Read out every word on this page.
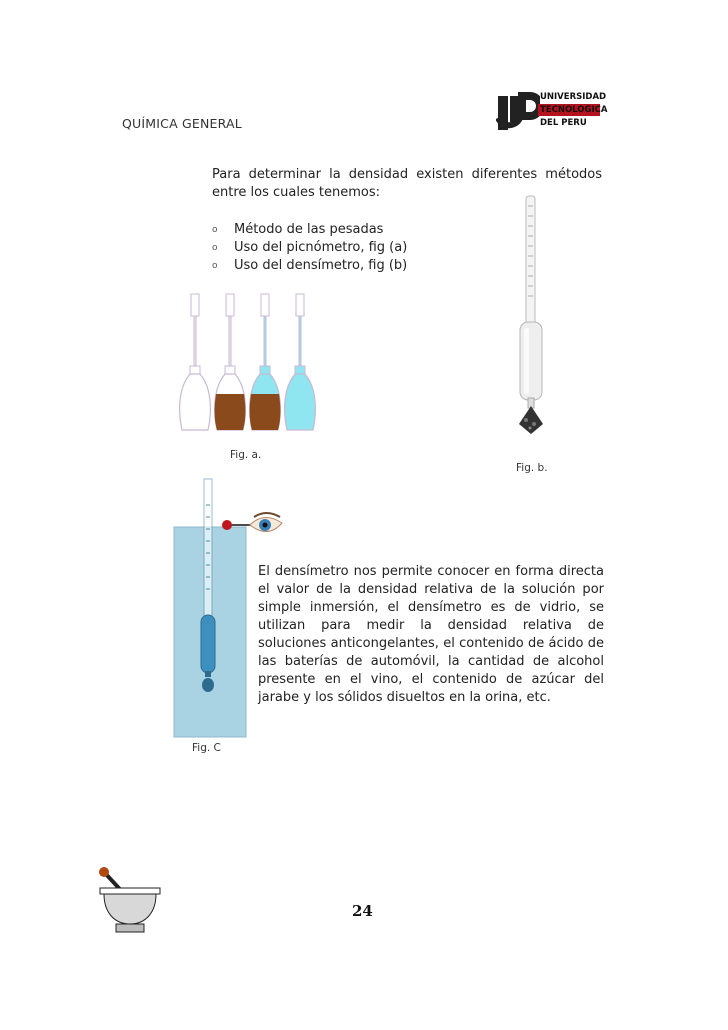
QUÍMICA GENERAL
UNIVERSIDAD
TECNOLOGICA
DEL PERU
Para determinar la densidad existen diferentes métodos entre los cuales tenemos:
o	Método de las pesadas
o	Uso del picnómetro, fig (a)
o	Uso del densímetro, fig (b)
Fig. a.
Fig. b.
Fig. C
El densímetro nos permite conocer en forma directa el valor de la densidad relativa de la solución por simple inmersión, el densímetro es de vidrio, se utilizan para medir la densidad relativa de soluciones anticongelantes, el contenido de ácido de las baterías de automóvil, la cantidad de alcohol presente en el vino, el contenido de azúcar del jarabe y los sólidos disueltos en la orina, etc.
24
